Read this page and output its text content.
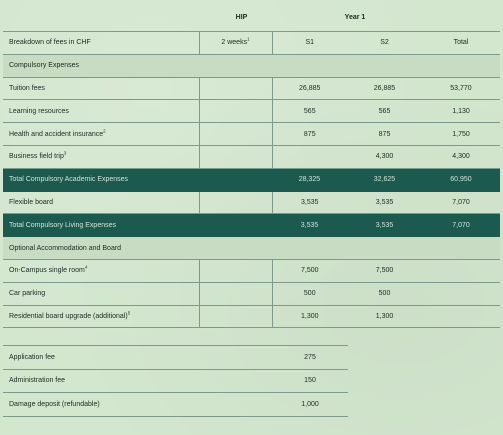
HIP	Year 1
Breakdown of fees in CHF	2 weeks$^1$	S1	S2	Total
Compulsory Expenses				
Tuition fees		26,885	26,885	53,770
Learning resources		565	565	1,130
Health and accident insurance$^2$		875	875	1,750
Business field trip$^3$			4,300	4,300
Total Compulsory Academic Expenses		28,325	32,625	60,950
Flexible board		3,535	3,535	7,070
Total Compulsory Living Expenses		3,535	3,535	7,070
Optional Accommodation and Board				
On-Campus single room$^4$		7,500	7,500	
Car parking		500	500	
Residential board upgrade (additional)$^5$		1,300	1,300	
Application fee	275
Administration fee	150
Damage deposit (refundable)	1,000
